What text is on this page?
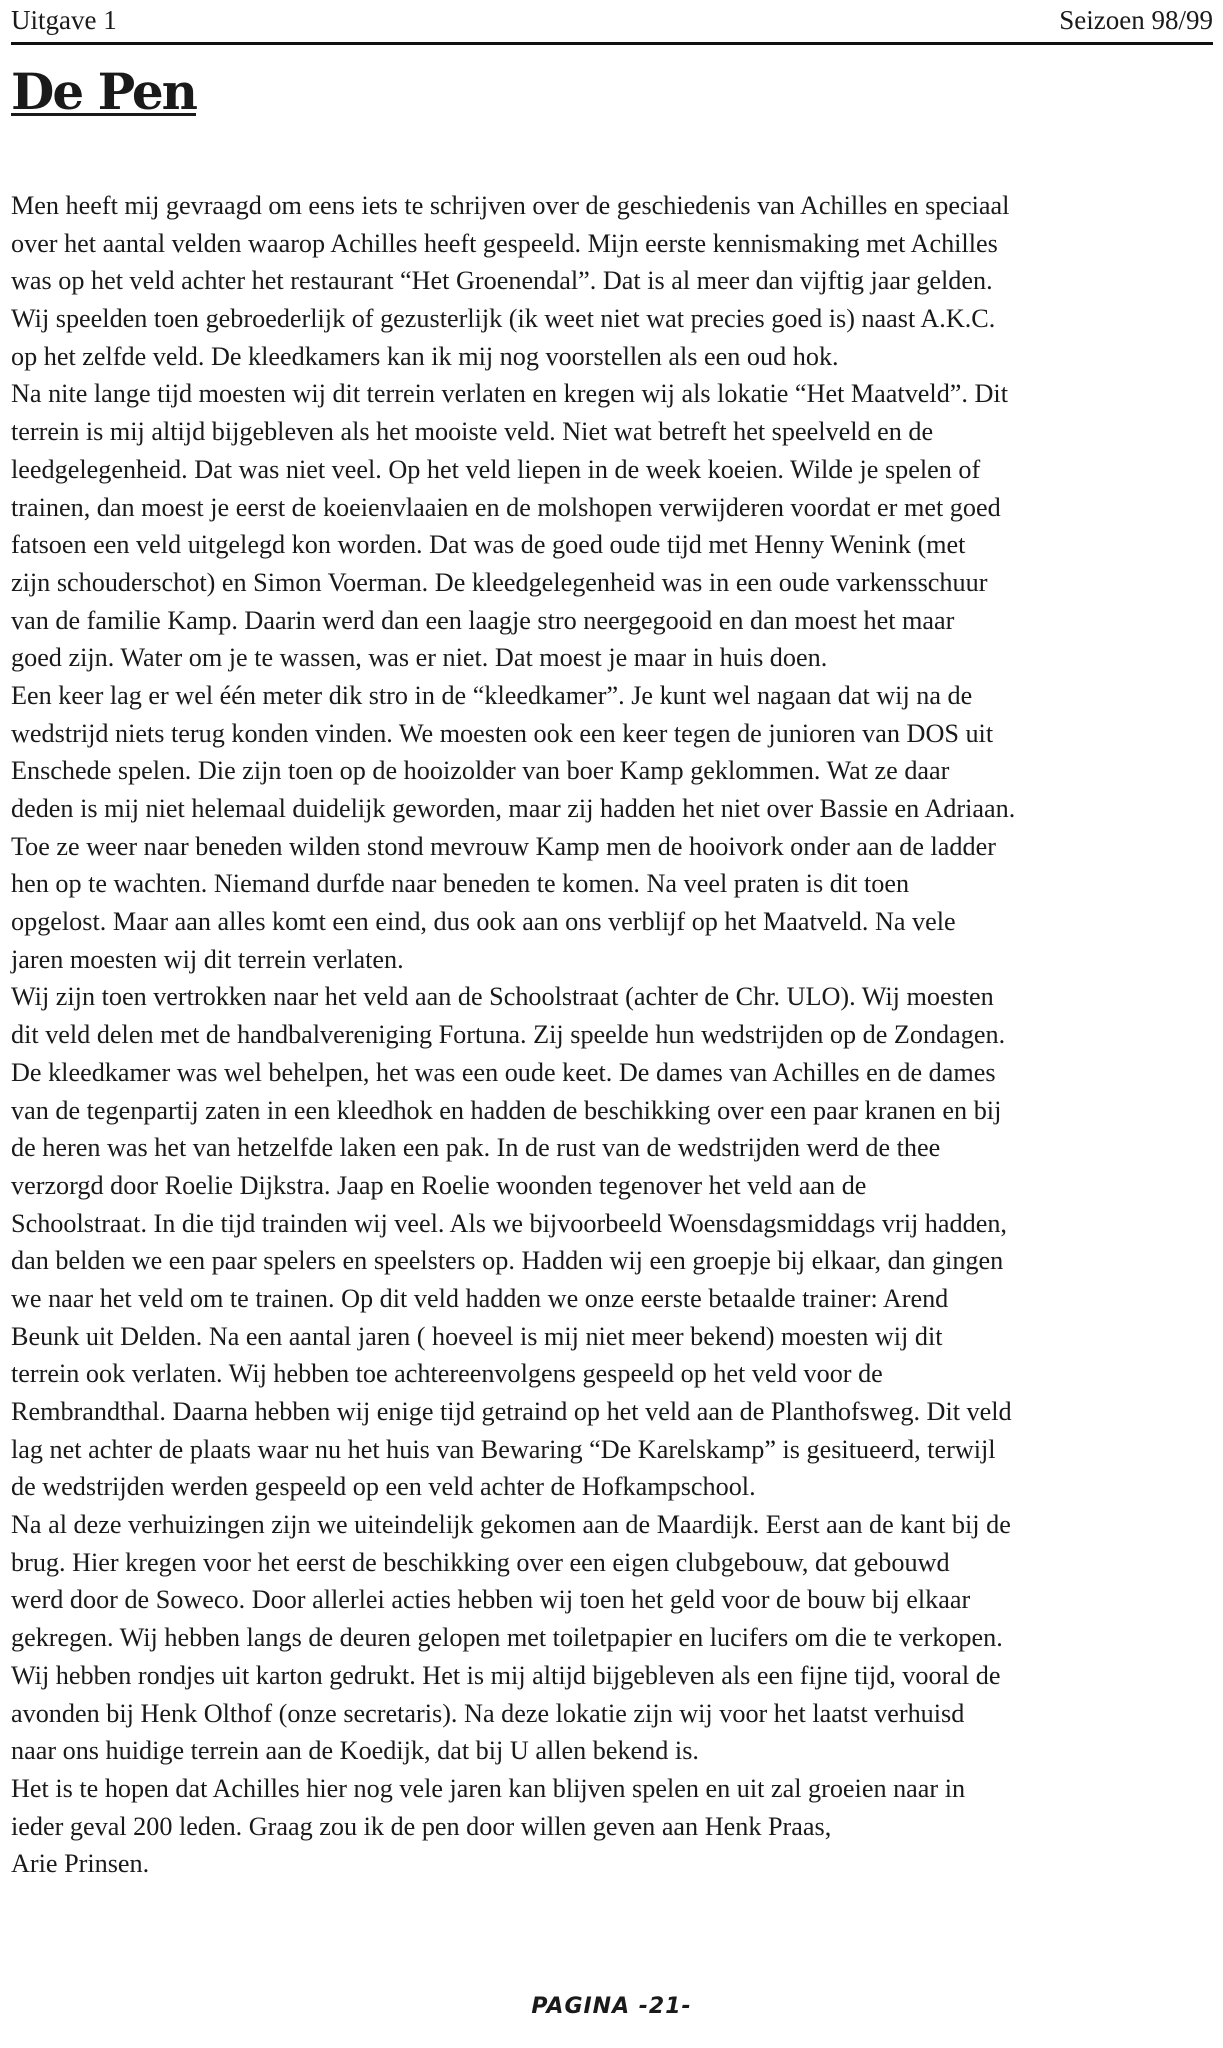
Uitgave 1	Seizoen 98/99
De Pen
Men heeft mij gevraagd om eens iets te schrijven over de geschiedenis van Achilles en speciaal
over het aantal velden waarop Achilles heeft gespeeld. Mijn eerste kennismaking met Achilles
was op het veld achter het restaurant “Het Groenendal”. Dat is al meer dan vijftig jaar gelden.
Wij speelden toen gebroederlijk of gezusterlijk (ik weet niet wat precies goed is) naast A.K.C.
op het zelfde veld. De kleedkamers kan ik mij nog voorstellen als een oud hok.
Na nite lange tijd moesten wij dit terrein verlaten en kregen wij als lokatie “Het Maatveld”. Dit
terrein is mij altijd bijgebleven als het mooiste veld. Niet wat betreft het speelveld en de
leedgelegenheid. Dat was niet veel. Op het veld liepen in de week koeien. Wilde je spelen of
trainen, dan moest je eerst de koeienvlaaien en de molshopen verwijderen voordat er met goed
fatsoen een veld uitgelegd kon worden. Dat was de goed oude tijd met Henny Wenink (met
zijn schouderschot) en Simon Voerman. De kleedgelegenheid was in een oude varkensschuur
van de familie Kamp. Daarin werd dan een laagje stro neergegooid en dan moest het maar
goed zijn. Water om je te wassen, was er niet. Dat moest je maar in huis doen.
Een keer lag er wel één meter dik stro in de “kleedkamer”. Je kunt wel nagaan dat wij na de
wedstrijd niets terug konden vinden. We moesten ook een keer tegen de junioren van DOS uit
Enschede spelen. Die zijn toen op de hooizolder van boer Kamp geklommen. Wat ze daar
deden is mij niet helemaal duidelijk geworden, maar zij hadden het niet over Bassie en Adriaan.
Toe ze weer naar beneden wilden stond mevrouw Kamp men de hooivork onder aan de ladder
hen op te wachten. Niemand durfde naar beneden te komen. Na veel praten is dit toen
opgelost. Maar aan alles komt een eind, dus ook aan ons verblijf op het Maatveld. Na vele
jaren moesten wij dit terrein verlaten.
Wij zijn toen vertrokken naar het veld aan de Schoolstraat (achter de Chr. ULO). Wij moesten
dit veld delen met de handbalvereniging Fortuna. Zij speelde hun wedstrijden op de Zondagen.
De kleedkamer was wel behelpen, het was een oude keet. De dames van Achilles en de dames
van de tegenpartij zaten in een kleedhok en hadden de beschikking over een paar kranen en bij
de heren was het van hetzelfde laken een pak. In de rust van de wedstrijden werd de thee
verzorgd door Roelie Dijkstra. Jaap en Roelie woonden tegenover het veld aan de
Schoolstraat. In die tijd trainden wij veel. Als we bijvoorbeeld Woensdagsmiddags vrij hadden,
dan belden we een paar spelers en speelsters op. Hadden wij een groepje bij elkaar, dan gingen
we naar het veld om te trainen. Op dit veld hadden we onze eerste betaalde trainer: Arend
Beunk uit Delden. Na een aantal jaren ( hoeveel is mij niet meer bekend) moesten wij dit
terrein ook verlaten. Wij hebben toe achtereenvolgens gespeeld op het veld voor de
Rembrandthal. Daarna hebben wij enige tijd getraind op het veld aan de Planthofsweg. Dit veld
lag net achter de plaats waar nu het huis van Bewaring “De Karelskamp” is gesitueerd, terwijl
de wedstrijden werden gespeeld op een veld achter de Hofkampschool.
Na al deze verhuizingen zijn we uiteindelijk gekomen aan de Maardijk. Eerst aan de kant bij de
brug. Hier kregen voor het eerst de beschikking over een eigen clubgebouw, dat gebouwd
werd door de Soweco. Door allerlei acties hebben wij toen het geld voor de bouw bij elkaar
gekregen. Wij hebben langs de deuren gelopen met toiletpapier en lucifers om die te verkopen.
Wij hebben rondjes uit karton gedrukt. Het is mij altijd bijgebleven als een fijne tijd, vooral de
avonden bij Henk Olthof (onze secretaris). Na deze lokatie zijn wij voor het laatst verhuisd
naar ons huidige terrein aan de Koedijk, dat bij U allen bekend is.
Het is te hopen dat Achilles hier nog vele jaren kan blijven spelen en uit zal groeien naar in
ieder geval 200 leden. Graag zou ik de pen door willen geven aan Henk Praas,
Arie Prinsen.
PAGINA -21-
